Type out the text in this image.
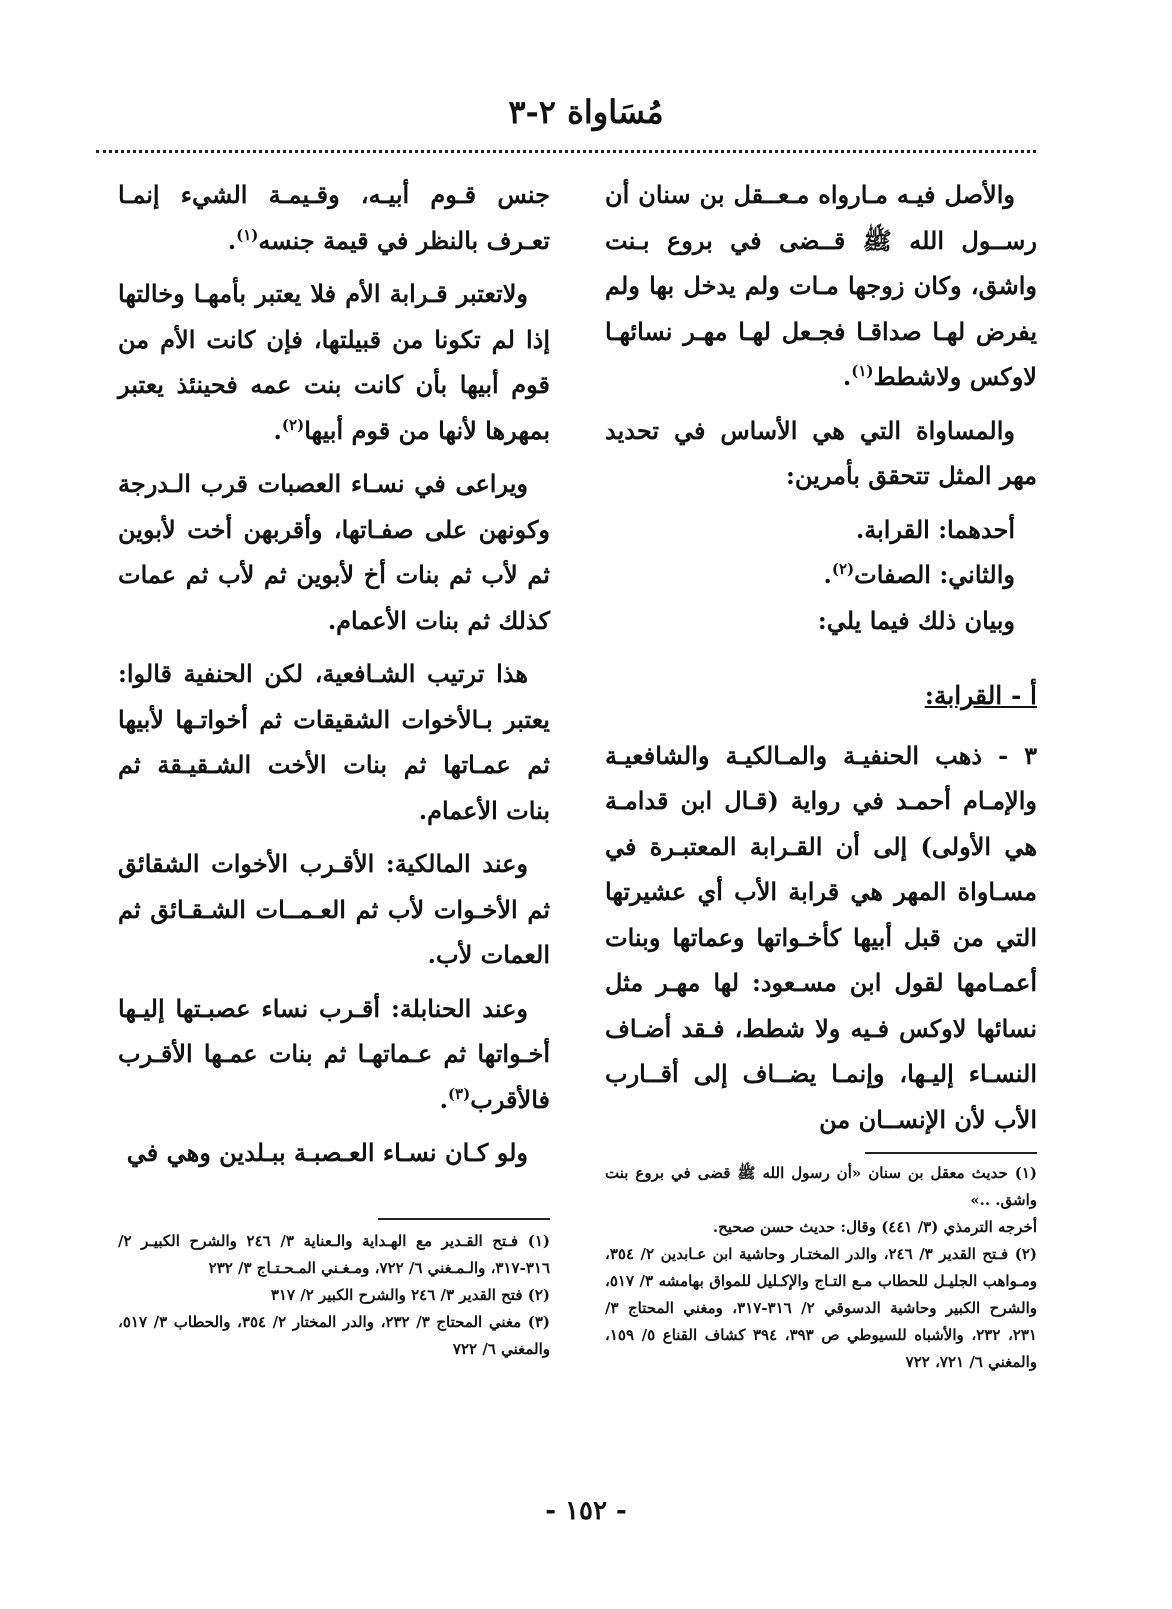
مُسَاواة ٢-٣

والأصل فيـه مـارواه مـعــقل بن سنان أن رســول الله ﷺ قــضى في بروع بـنت واشق، وكان زوجها مـات ولم يدخل بها ولم يفرض لهـا صداقـا فجـعل لهـا مهـر نسائهـا لاوكس ولاشطط$^{(١)}$.

والمساواة التي هي الأساس في تحديد مهر المثل تتحقق بأمرين:

أحدهما: القرابة.

والثاني: الصفات$^{(٢)}$.

وبيان ذلك فيما يلي:

أ - القرابة:

٣ - ذهب الحنفيـة والمـالكيـة والشافعيـة والإمـام أحمـد في رواية (قـال ابن قدامـة هي الأولى) إلى أن القـرابة المعتبـرة في مسـاواة المهر هي قرابة الأب أي عشيرتها التي من قبل أبيها كأخـواتها وعماتها وبنات أعمـامها لقول ابن مسـعود: لها مهـر مثل نسائها لاوكس فـيه ولا شطط، فـقد أضـاف النسـاء إليـها، وإنمـا يضــاف إلى أقــارب الأب لأن الإنســان من

جنس قـوم أبيـه، وقـيمـة الشيء إنمـا تعـرف بالنظر في قيمة جنسه$^{(١)}$.

ولاتعتبر قـرابة الأم فلا يعتبر بأمهـا وخالتها إذا لم تكونا من قبيلتها، فإن كانت الأم من قوم أبيها بأن كانت بنت عمه فحينئذ يعتبر بمهرها لأنها من قوم أبيها$^{(٢)}$.

ويراعى في نسـاء العصبات قرب الـدرجة وكونهن على صفـاتها، وأقربهن أخت لأبوين ثم لأب ثم بنات أخ لأبوين ثم لأب ثم عمات كذلك ثم بنات الأعمام.

هذا ترتيب الشـافعية، لكن الحنفية قالوا: يعتبر بـالأخوات الشقيقات ثم أخواتـها لأبيها ثم عمـاتها ثم بنات الأخت الشـقيـقة ثم بنات الأعمام.

وعند المالكية: الأقـرب الأخوات الشقائق ثم الأخـوات لأب ثم العـمــات الشـقـائق ثم العمات لأب.

وعند الحنابلة: أقـرب نساء عصبـتها إليـها أخـواتها ثم عـماتهـا ثم بنات عمـها الأقـرب فالأقرب$^{(٣)}$.

ولو كـان نسـاء العـصبـة ببـلدين وهي في

(١) حديث معقل بن سنان «أن رسول الله ﷺ قضى في بروع بنت واشق. ..»

أخرجه الترمذي (٣/ ٤٤١) وقال: حديث حسن صحيح.

(٢) فـتح القدير ٣/ ٢٤٦، والدر المختـار وحاشية ابن عـابدين ٢/ ٣٥٤، ومـواهب الجليـل للحطاب مـع التـاج والإكـليل للمواق بهامشه ٣/ ٥١٧، والشرح الكبير وحاشية الدسوقي ٢/ ٣١٦-٣١٧، ومغني المحتاج ٣/ ٢٣١، ٢٣٢، والأشباه للسيوطي ص ٣٩٣، ٣٩٤ كشاف القناع ٥/ ١٥٩، والمغني ٦/ ٧٢١، ٧٢٢

(١) فـتح القـدير مع الهـداية والـعناية ٣/ ٢٤٦ والشرح الكبيـر ٢/ ٣١٦-٣١٧، والـمـغني ٦/ ٧٢٢، ومـغـني المـحـتـاج ٣/ ٢٣٢

(٢) فتح القدير ٣/ ٢٤٦ والشرح الكبير ٢/ ٣١٧

(٣) مغني المحتاج ٣/ ٢٣٢، والدر المختار ٢/ ٣٥٤، والحطاب ٣/ ٥١٧، والمغني ٦/ ٧٢٢

- ١٥٢ -
